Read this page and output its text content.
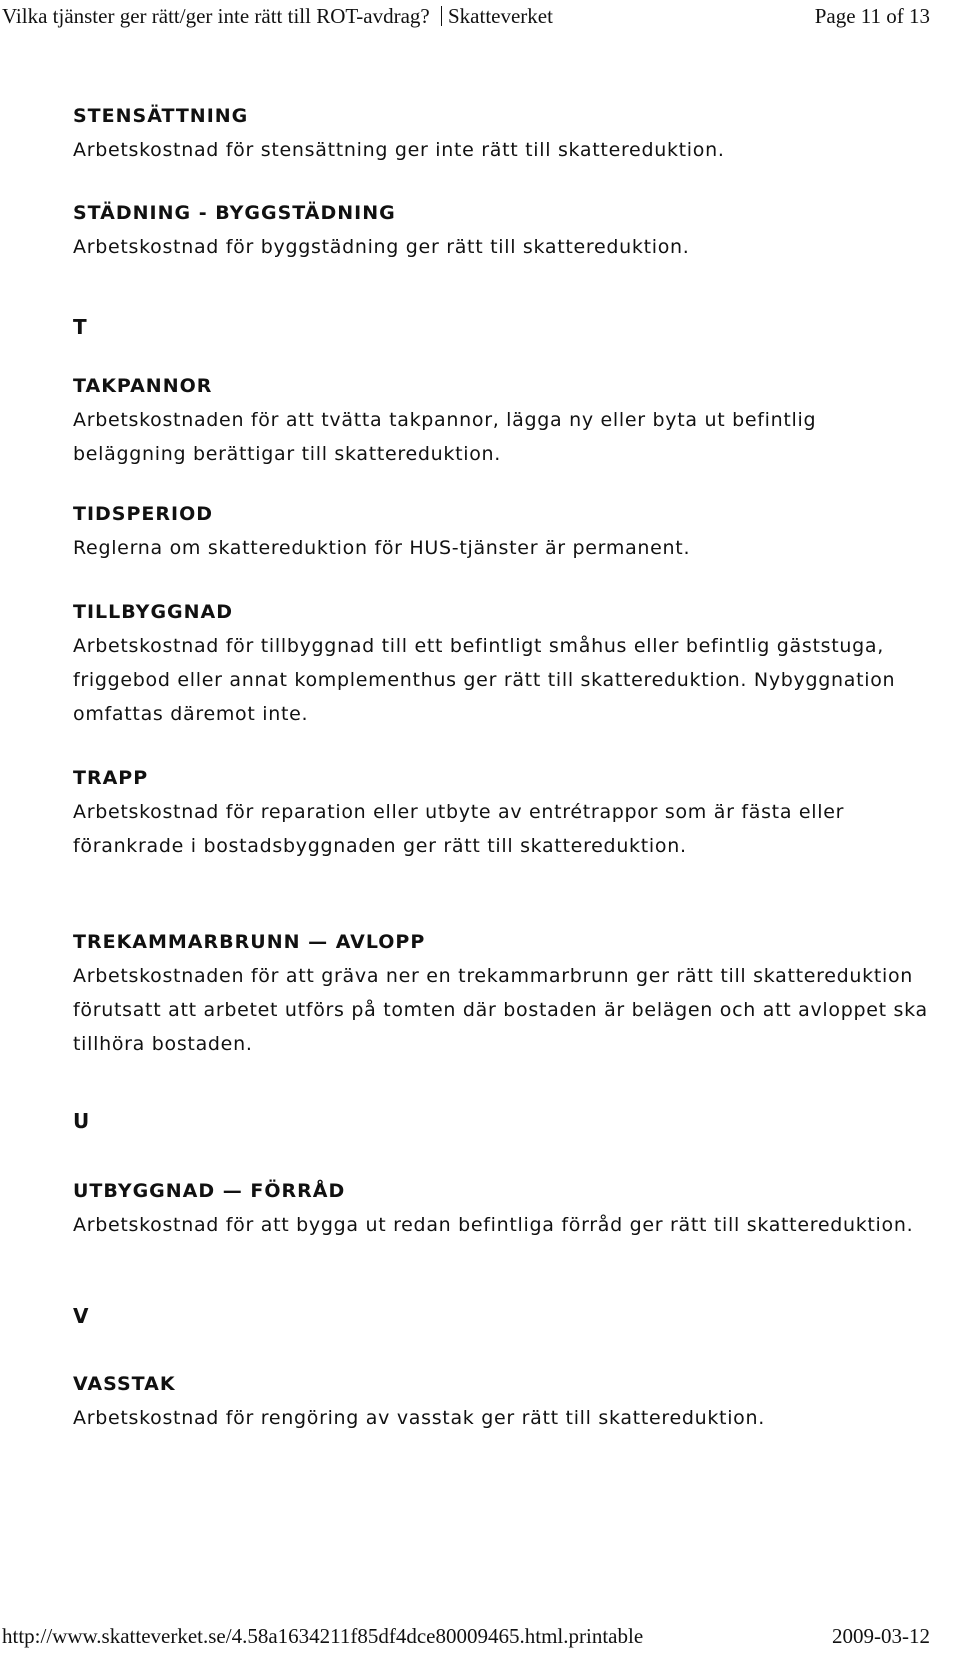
Vilka tjänster ger rätt/ger inte rätt till ROT-avdrag? Skatteverket	Page 11 of 13
STENSÄTTNING
Arbetskostnad för stensättning ger inte rätt till skattereduktion.
STÄDNING - BYGGSTÄDNING
Arbetskostnad för byggstädning ger rätt till skattereduktion.
T
TAKPANNOR
Arbetskostnaden för att tvätta takpannor, lägga ny eller byta ut befintlig beläggning berättigar till skattereduktion.
TIDSPERIOD
Reglerna om skattereduktion för HUS-tjänster är permanent.
TILLBYGGNAD
Arbetskostnad för tillbyggnad till ett befintligt småhus eller befintlig gäststuga, friggebod eller annat komplementhus ger rätt till skattereduktion. Nybyggnation omfattas däremot inte.
TRAPP
Arbetskostnad för reparation eller utbyte av entrétrappor som är fästa eller förankrade i bostadsbyggnaden ger rätt till skattereduktion.
TREKAMMARBRUNN — AVLOPP
Arbetskostnaden för att gräva ner en trekammarbrunn ger rätt till skattereduktion förutsatt att arbetet utförs på tomten där bostaden är belägen och att avloppet ska tillhöra bostaden.
U
UTBYGGNAD — FÖRRÅD
Arbetskostnad för att bygga ut redan befintliga förråd ger rätt till skattereduktion.
V
VASSTAK
Arbetskostnad för rengöring av vasstak ger rätt till skattereduktion.
http://www.skatteverket.se/4.58a1634211f85df4dce80009465.html.printable	2009-03-12
